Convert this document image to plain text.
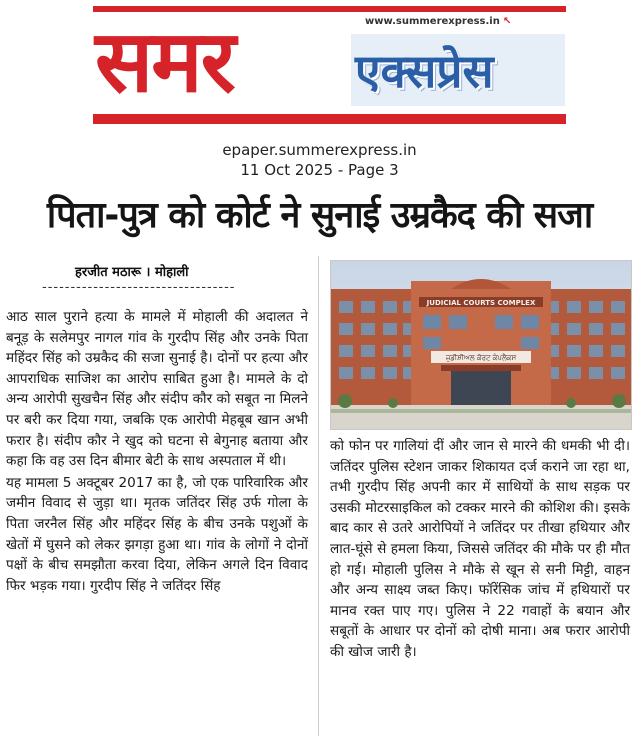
समर	www.summerexpress.in ↖
एक्सप्रेस
epaper.summerexpress.in
11 Oct 2025 - Page 3
पिता-पुत्र को कोर्ट ने सुनाई उम्रकैद की सजा
हरजीत मठारू । मोहाली
----------------------------------

आठ साल पुराने हत्या के मामले में मोहाली की अदालत ने बनूड़ के सलेमपुर नागल गांव के गुरदीप सिंह और उनके पिता महिंदर सिंह को उम्रकैद की सजा सुनाई है। दोनों पर हत्या और आपराधिक साजिश का आरोप साबित हुआ है। मामले के दो अन्य आरोपी सुखचैन सिंह और संदीप कौर को सबूत ना मिलने पर बरी कर दिया गया, जबकि एक आरोपी मेहबूब खान अभी फरार है। संदीप कौर ने खुद को घटना से बेगुनाह बताया और कहा कि वह उस दिन बीमार बेटी के साथ अस्पताल में थी।

यह मामला 5 अक्टूबर 2017 का है, जो एक पारिवारिक और जमीन विवाद से जुड़ा था। मृतक जतिंदर सिंह उर्फ गोला के पिता जरनैल सिंह और महिंदर सिंह के बीच उनके पशुओं के खेतों में घुसने को लेकर झगड़ा हुआ था। गांव के लोगों ने दोनों पक्षों के बीच समझौता करवा दिया, लेकिन अगले दिन विवाद फिर भड़क गया। गुरदीप सिंह ने जतिंदर सिंह

JUDICIAL COURTS COMPLEX
ਜੁਡੀਸ਼ੀਅਲ ਕੋਰਟ ਕੰਪਲੈਕਸ

को फोन पर गालियां दीं और जान से मारने की धमकी भी दी। जतिंदर पुलिस स्टेशन जाकर शिकायत दर्ज कराने जा रहा था, तभी गुरदीप सिंह अपनी कार में साथियों के साथ सड़क पर उसकी मोटरसाइकिल को टक्कर मारने की कोशिश की। इसके बाद कार से उतरे आरोपियों ने जतिंदर पर तीखा हथियार और लात-घूंसे से हमला किया, जिससे जतिंदर की मौके पर ही मौत हो गई। मोहाली पुलिस ने मौके से खून से सनी मिट्टी, वाहन और अन्य साक्ष्य जब्त किए। फॉरेंसिक जांच में हथियारों पर मानव रक्त पाए गए। पुलिस ने 22 गवाहों के बयान और सबूतों के आधार पर दोनों को दोषी माना। अब फरार आरोपी की खोज जारी है।
